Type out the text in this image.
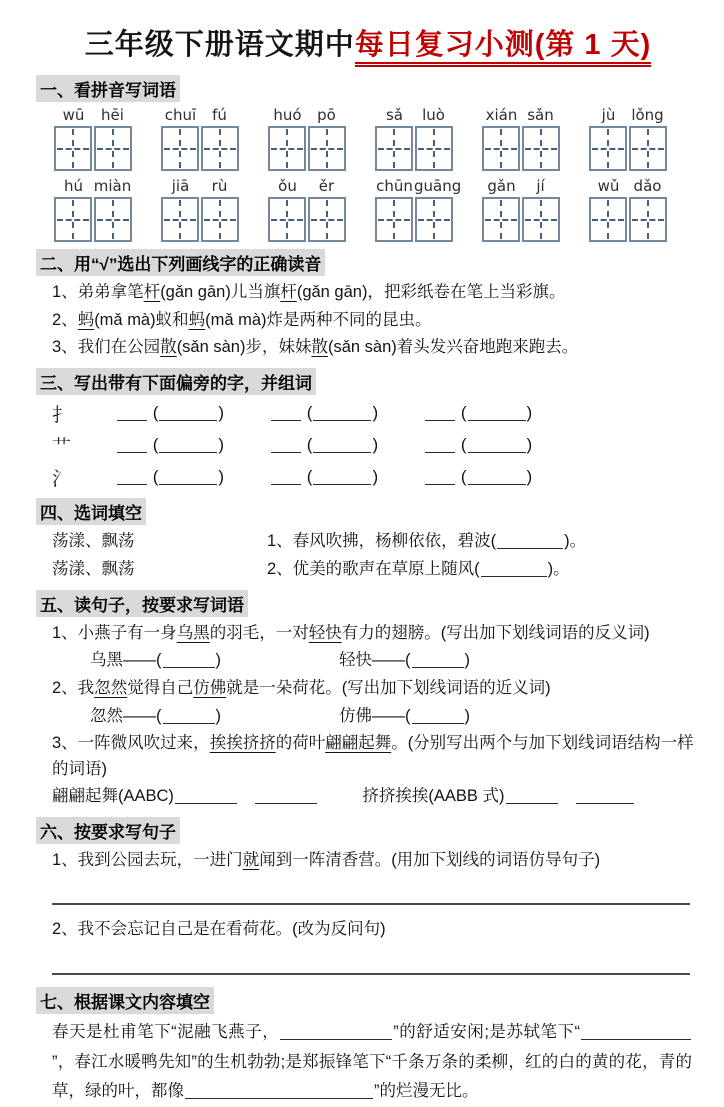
三年级下册语文期中每日复习小测(第 1 天)
一、看拼音写词语
wū	hēi	chuī	fú	huó	pō	sǎ	luò	xián sǎn	jù	lǒng
hú miàn	jiā	rù	ǒu	ěr	chūn guāng	gǎn	jí	wǔ dǎo
二、用“√”选出下列画线字的正确读音
1、弟弟拿笔杆(gǎn gān)儿当旗杆(gǎn gān)，把彩纸卷在笔上当彩旗。
2、蚂(mǎ mà)蚁和蚂(mǎ mà)炸是两种不同的昆虫。
3、我们在公园散(sǎn sàn)步，妹妹散(sǎn sàn)着头发兴奋地跑来跑去。
三、写出带有下面偏旁的字，并组词
扌	(	)	(	)	(	)
艹	(	)	(	)	(	)
氵	(	)	(	)	(	)
四、选词填空
荡漾、飘荡	1、春风吹拂，杨柳依依，碧波(	)。
荡漾、飘荡	2、优美的歌声在草原上随风(	)。
五、读句子，按要求写词语
1、小燕子有一身乌黑的羽毛，一对轻快有力的翅膀。(写出加下划线词语的反义词)
乌黑——(	)	轻快——(	)
2、我忽然觉得自己仿佛就是一朵荷花。(写出加下划线词语的近义词)
忽然——(	)	仿佛——(	)
3、一阵微风吹过来，挨挨挤挤的荷叶翩翩起舞。(分别写出两个与加下划线词语结构一样的词语)
翩翩起舞(AABC)　	挤挤挨挨(AABB 式)　
六、按要求写句子
1、我到公园去玩，一进门就闻到一阵清香营。(用加下划线的词语仿导句子)
2、我不会忘记自己是在看荷花。(改为反问句)
七、根据课文内容填空
春天是杜甫笔下“泥融飞燕子，	”的舒适安闲;是苏轼笔下“”，春江水暖鸭先知”的生机勃勃;是郑振锋笔下“千条万条的柔柳，红的白的黄的花，青的草，绿的叶，都像	”的烂漫无比。
